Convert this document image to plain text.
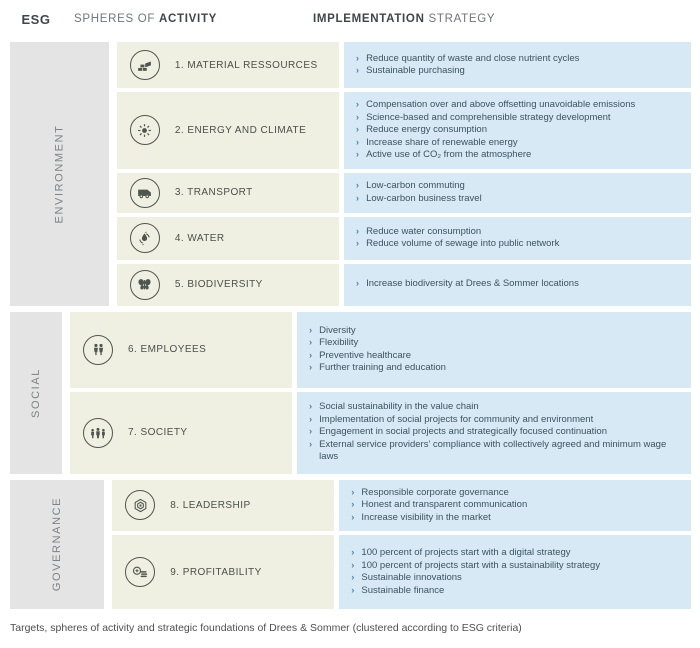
ESG	SPHERES OF ACTIVITY	IMPLEMENTATION STRATEGY
ENVIRONMENT
1. MATERIAL RESSOURCES
› Reduce quantity of waste and close nutrient cycles
› Sustainable purchasing
2. ENERGY AND CLIMATE
› Compensation over and above offsetting unavoidable emissions
› Science-based and comprehensible strategy development
› Reduce energy consumption
› Increase share of renewable energy
› Active use of CO₂ from the atmosphere
3. TRANSPORT
› Low-carbon commuting
› Low-carbon business travel
4. WATER
› Reduce water consumption
› Reduce volume of sewage into public network
5. BIODIVERSITY	› Increase biodiversity at Drees & Sommer locations
SOCIAL
6. EMPLOYEES
› Diversity
› Flexibility
› Preventive healthcare
› Further training and education
7. SOCIETY
› Social sustainability in the value chain
› Implementation of social projects for community and environment
› Engagement in social projects and strategically focused continuation
› External service providers’ compliance with collectively agreed and minimum wage laws
GOVERNANCE	8. LEADERSHIP
› Responsible corporate governance
› Honest and transparent communication
› Increase visibility in the market
9. PROFITABILITY
› 100 percent of projects start with a digital strategy
› 100 percent of projects start with a sustainability strategy
› Sustainable innovations
› Sustainable finance
Targets, spheres of activity and strategic foundations of Drees & Sommer (clustered according to ESG criteria)
